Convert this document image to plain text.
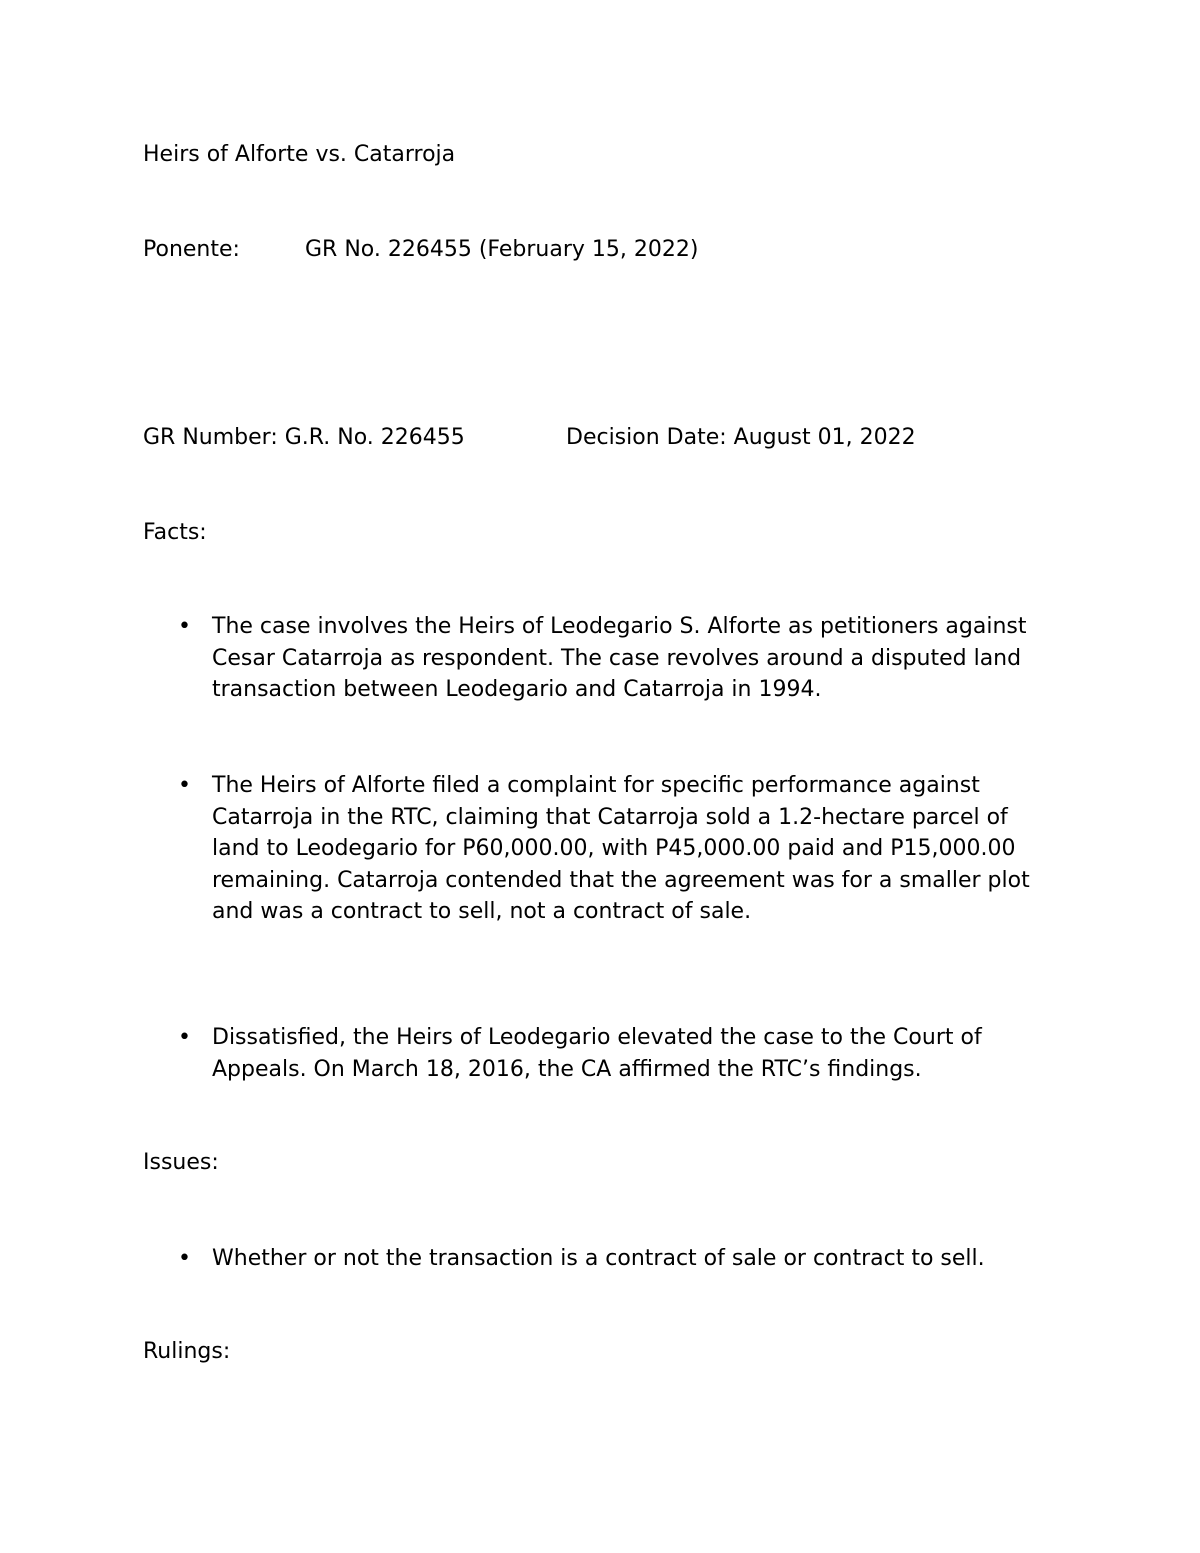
Heirs of Alforte vs. Catarroja
Ponente:	GR No. 226455 (February 15, 2022)
GR Number: G.R. No. 226455	Decision Date: August 01, 2022
Facts:
• The case involves the Heirs of Leodegario S. Alforte as petitioners against Cesar Catarroja as respondent. The case revolves around a disputed land transaction between Leodegario and Catarroja in 1994.
• The Heirs of Alforte filed a complaint for specific performance against Catarroja in the RTC, claiming that Catarroja sold a 1.2-hectare parcel of land to Leodegario for P60,000.00, with P45,000.00 paid and P15,000.00 remaining. Catarroja contended that the agreement was for a smaller plot and was a contract to sell, not a contract of sale.
• Dissatisfied, the Heirs of Leodegario elevated the case to the Court of Appeals. On March 18, 2016, the CA affirmed the RTC’s findings.
Issues:
• Whether or not the transaction is a contract of sale or contract to sell.
Rulings:
